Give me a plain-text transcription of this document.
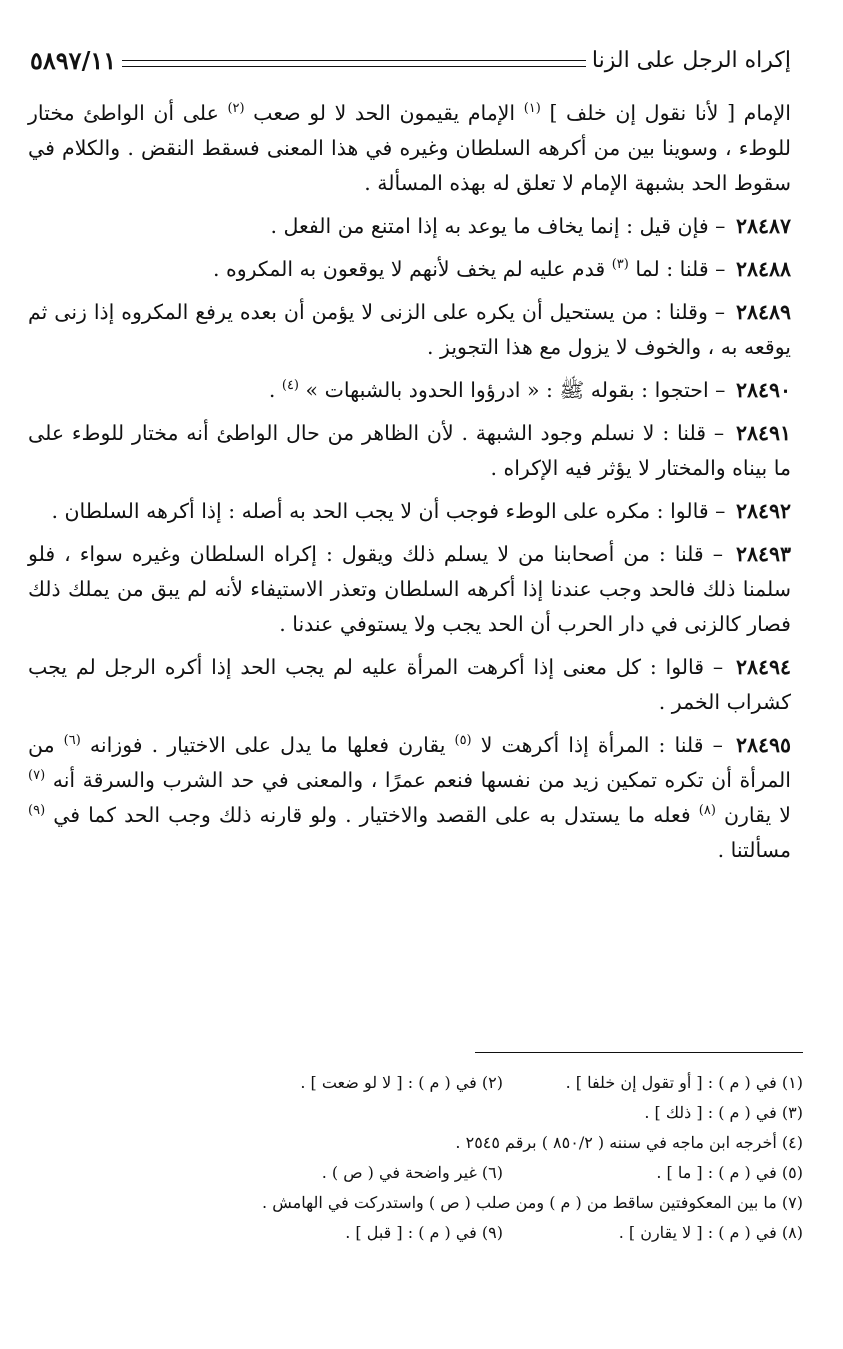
إكراه الرجل على الزنا
٥٨٩٧/١١

الإمام [ لأنا نقول إن خلف ] $^{(١)}$ الإمام يقيمون الحد لا لو صعب $^{(٢)}$ على أن الواطئ مختار للوطء ، وسوينا بين من أكرهه السلطان وغيره في هذا المعنى فسقط النقض . والكلام في سقوط الحد بشبهة الإمام لا تعلق له بهذه المسألة .

٢٨٤٨٧ – فإن قيل : إنما يخاف ما يوعد به إذا امتنع من الفعل .

٢٨٤٨٨ – قلنا : لما $^{(٣)}$ قدم عليه لم يخف لأنهم لا يوقعون به المكروه .

٢٨٤٨٩ – وقلنا : من يستحيل أن يكره على الزنى لا يؤمن أن بعده يرفع المكروه إذا زنى ثم يوقعه به ، والخوف لا يزول مع هذا التجويز .

٢٨٤٩٠ – احتجوا : بقوله ﷺ : « ادرؤوا الحدود بالشبهات » $^{(٤)}$ .

٢٨٤٩١ – قلنا : لا نسلم وجود الشبهة . لأن الظاهر من حال الواطئ أنه مختار للوطء على ما بيناه والمختار لا يؤثر فيه الإكراه .

٢٨٤٩٢ – قالوا : مكره على الوطء فوجب أن لا يجب الحد به أصله : إذا أكرهه السلطان .

٢٨٤٩٣ – قلنا : من أصحابنا من لا يسلم ذلك ويقول : إكراه السلطان وغيره سواء ، فلو سلمنا ذلك فالحد وجب عندنا إذا أكرهه السلطان وتعذر الاستيفاء لأنه لم يبق من يملك ذلك فصار كالزنى في دار الحرب أن الحد يجب ولا يستوفي عندنا .

٢٨٤٩٤ – قالوا : كل معنى إذا أكرهت المرأة عليه لم يجب الحد إذا أكره الرجل لم يجب كشراب الخمر .

٢٨٤٩٥ – قلنا : المرأة إذا أكرهت لا $^{(٥)}$ يقارن فعلها ما يدل على الاختيار . فوزانه $^{(٦)}$ من المرأة أن تكره تمكين زيد من نفسها فنعم عمرًا ، والمعنى في حد الشرب والسرقة أنه $^{(٧)}$ لا يقارن $^{(٨)}$ فعله ما يستدل به على القصد والاختيار . ولو قارنه ذلك وجب الحد كما في $^{(٩)}$ مسألتنا .

(١) في ( م ) : [ أو تقول إن خلفا ] .
(٢) في ( م ) : [ لا لو ضعت ] .
(٣) في ( م ) : [ ذلك ] .
(٤) أخرجه ابن ماجه في سننه ( ٨٥٠/٢ ) برقم ٢٥٤٥ .
(٥) في ( م ) : [ ما ] .
(٦) غير واضحة في ( ص ) .
(٧) ما بين المعكوفتين ساقط من ( م ) ومن صلب ( ص ) واستدركت في الهامش .
(٨) في ( م ) : [ لا يقارن ] .
(٩) في ( م ) : [ قبل ] .
